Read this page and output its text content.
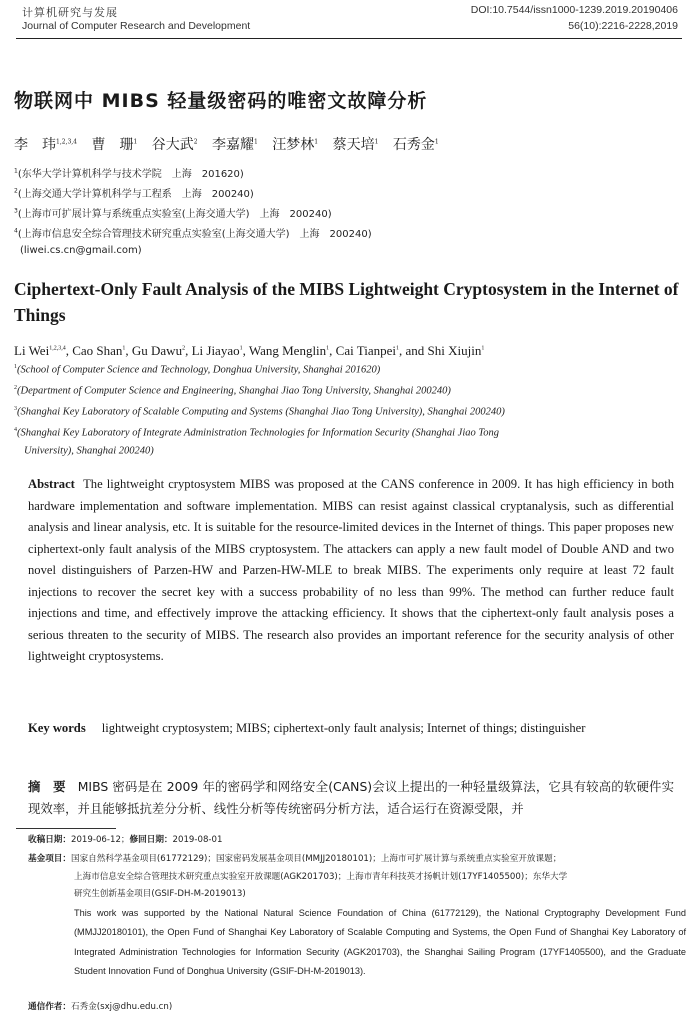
计算机研究与发展
Journal of Computer Research and Development
DOI:10.7544/issn1000-1239.2019.20190406
56(10):2216-2228,2019
物联网中 MIBS 轻量级密码的唯密文故障分析
李　玮$^{1,2,3,4}$ 曹　珊$^1$ 谷大武$^2$ 李嘉耀$^1$ 汪梦林$^1$ 蔡天培$^1$ 石秀金$^1$
$^1$(东华大学计算机科学与技术学院　上海　201620)
$^2$(上海交通大学计算机科学与工程系　上海　200240)
$^3$(上海市可扩展计算与系统重点实验室(上海交通大学)　上海　200240)
$^4$(上海市信息安全综合管理技术研究重点实验室(上海交通大学)　上海　200240)
(liwei.cs.cn@gmail.com)
Ciphertext-Only Fault Analysis of the MIBS Lightweight Cryptosystem in the Internet of Things
Li Wei$^{1,2,3,4}$, Cao Shan$^1$, Gu Dawu$^2$, Li Jiayao$^1$, Wang Menglin$^1$, Cai Tianpei$^1$, and Shi Xiujin$^1$
$^1$(School of Computer Science and Technology, Donghua University, Shanghai 201620)
$^2$(Department of Computer Science and Engineering, Shanghai Jiao Tong University, Shanghai 200240)
$^3$(Shanghai Key Laboratory of Scalable Computing and Systems (Shanghai Jiao Tong University), Shanghai 200240)
$^4$(Shanghai Key Laboratory of Integrate Administration Technologies for Information Security (Shanghai Jiao Tong
University), Shanghai 200240)
Abstract The lightweight cryptosystem MIBS was proposed at the CANS conference in 2009. It has high efficiency in both hardware implementation and software implementation. MIBS can resist against classical cryptanalysis, such as differential analysis and linear analysis, etc. It is suitable for the resource-limited devices in the Internet of things. This paper proposes new ciphertext-only fault analysis of the MIBS cryptosystem. The attackers can apply a new fault model of Double AND and two novel distinguishers of Parzen-HW and Parzen-HW-MLE to break MIBS. The experiments only require at least 72 fault injections to recover the secret key with a success probability of no less than 99%. The method can further reduce fault injections and time, and effectively improve the attacking efficiency. It shows that the ciphertext-only fault analysis poses a serious threaten to the security of MIBS. The research also provides an important reference for the security analysis of other lightweight cryptosystems.
Key words lightweight cryptosystem; MIBS; ciphertext-only fault analysis; Internet of things; distinguisher
摘　要 MIBS 密码是在 2009 年的密码学和网络安全(CANS)会议上提出的一种轻量级算法，它具有较高的软硬件实现效率，并且能够抵抗差分分析、线性分析等传统密码分析方法，适合运行在资源受限，并
收稿日期：2019-06-12；修回日期：2019-08-01
基金项目：国家自然科学基金项目(61772129)；国家密码发展基金项目(MMJJ20180101)；上海市可扩展计算与系统重点实验室开放课题；
上海市信息安全综合管理技术研究重点实验室开放课题(AGK201703)；上海市青年科技英才扬帆计划(17YF1405500)；东华大学
研究生创新基金项目(GSIF-DH-M-2019013)
This work was supported by the National Natural Science Foundation of China (61772129), the National Cryptography Development Fund (MMJJ20180101), the Open Fund of Shanghai Key Laboratory of Scalable Computing and Systems, the Open Fund of Shanghai Key Laboratory of Integrated Administration Technologies for Information Security (AGK201703), the Shanghai Sailing Program (17YF1405500), and the Graduate Student Innovation Fund of Donghua University (GSIF-DH-M-2019013).
通信作者：石秀金(sxj@dhu.edu.cn)
